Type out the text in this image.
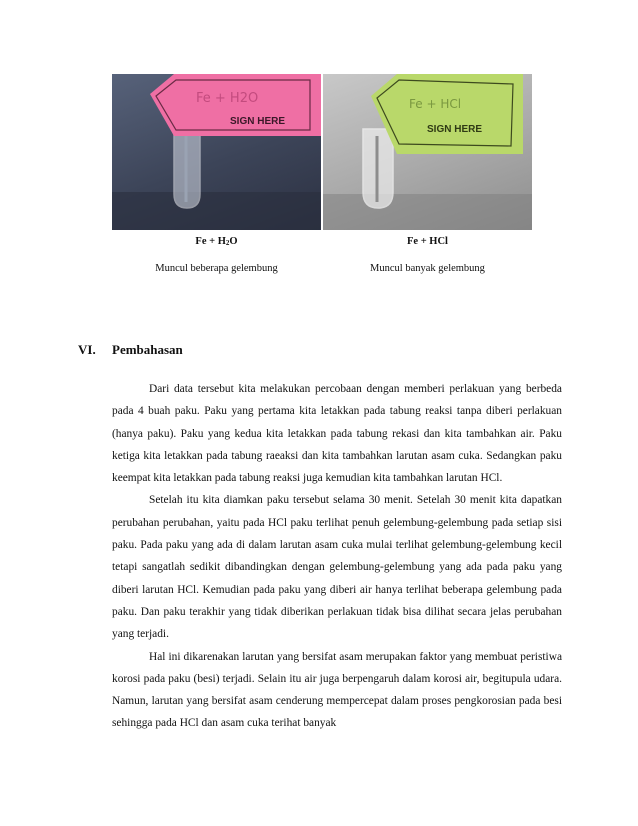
Fe + H2O
SIGN HERE
Fe + HCl
SIGN HERE
$Fe + H_2O$
Muncul beberapa gelembung
Fe + HCl
Muncul banyak gelembung
VI. Pembahasan

Dari data tersebut kita melakukan percobaan dengan memberi perlakuan yang berbeda pada 4 buah paku. Paku yang pertama kita letakkan pada tabung reaksi tanpa diberi perlakuan (hanya paku). Paku yang kedua kita letakkan pada tabung rekasi dan kita tambahkan air. Paku ketiga kita letakkan pada tabung raeaksi dan kita tambahkan larutan asam cuka. Sedangkan paku keempat kita letakkan pada tabung reaksi juga kemudian kita tambahkan larutan HCl.

Setelah itu kita diamkan paku tersebut selama 30 menit. Setelah 30 menit kita dapatkan perubahan perubahan, yaitu pada HCl paku terlihat penuh gelembung-gelembung pada setiap sisi paku. Pada paku yang ada di dalam larutan asam cuka mulai terlihat gelembung-gelembung kecil tetapi sangatlah sedikit dibandingkan dengan gelembung-gelembung yang ada pada paku yang diberi larutan HCl. Kemudian pada paku yang diberi air hanya terlihat beberapa gelembung pada paku. Dan paku terakhir yang tidak diberikan perlakuan tidak bisa dilihat secara jelas perubahan yang terjadi.

Hal ini dikarenakan larutan yang bersifat asam merupakan faktor yang membuat peristiwa korosi pada paku (besi) terjadi. Selain itu air juga berpengaruh dalam korosi air, begitupula udara. Namun, larutan yang bersifat asam cenderung mempercepat dalam proses pengkorosian pada besi sehingga pada HCl dan asam cuka terihat banyak
